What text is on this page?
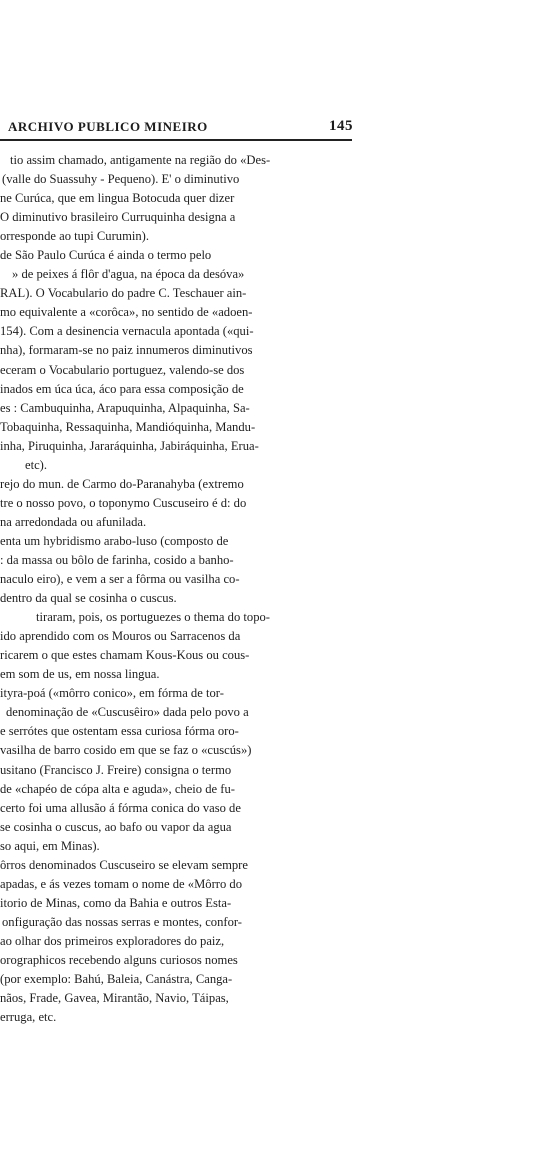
ARCHIVO PUBLICO MINEIRO	145
tio assim chamado, antigamente na região do «Des-
(valle do Suassuhy - Pequeno). E' o diminutivo
ne Curúca, que em lingua Botocuda quer dizer
O diminutivo brasileiro Curruquinha designa a
orresponde ao tupi Curumin).
de São Paulo Curúca é ainda o termo pelo
» de peixes á flôr d'agua, na época da desóva»
RAL). O Vocabulario do padre C. Teschauer ain-
mo equivalente a «corôca», no sentido de «adoen-
154). Com a desinencia vernacula apontada («qui-
nha), formaram-se no paiz innumeros diminutivos
eceram o Vocabulario portuguez, valendo-se dos
inados em úca úca, áco para essa composição de
es : Cambuquinha, Arapuquinha, Alpaquinha, Sa-
Tobaquinha, Ressaquinha, Mandióquinha, Mandu-
inha, Piruquinha, Jararáquinha, Jabiráquinha, Erua-
etc).
rejo do mun. de Carmo do-Paranahyba (extremo
tre o nosso povo, o toponymo Cuscuseiro é d: do
na arredondada ou afunilada.
enta um hybridismo arabo-luso (composto de
: da massa ou bôlo de farinha, cosido a banho-
naculo eiro), e vem a ser a fôrma ou vasilha co-
dentro da qual se cosinha o cuscus.
tiraram, pois, os portuguezes o thema do topo-
ido aprendido com os Mouros ou Sarracenos da
ricarem o que estes chamam Kous-Kous ou cous-
em som de us, em nossa lingua.
ityra-poá («môrro conico», em fórma de tor-
denominação de «Cuscusêiro» dada pelo povo a
e serrótes que ostentam essa curiosa fórma oro-
vasilha de barro cosido em que se faz o «cuscús»)
usitano (Francisco J. Freire) consigna o termo
de «chapéo de cópa alta e aguda», cheio de fu-
certo foi uma allusão á fórma conica do vaso de
se cosinha o cuscus, ao bafo ou vapor da agua
so aqui, em Minas).
ôrros denominados Cuscuseiro se elevam sempre
apadas, e ás vezes tomam o nome de «Môrro do
itorio de Minas, como da Bahia e outros Esta-
onfiguração das nossas serras e montes, confor-
ao olhar dos primeiros exploradores do paiz,
orographicos recebendo alguns curiosos nomes
(por exemplo: Bahú, Baleia, Canástra, Canga-
nãos, Frade, Gavea, Mirantão, Navio, Táipas,
erruga, etc.
